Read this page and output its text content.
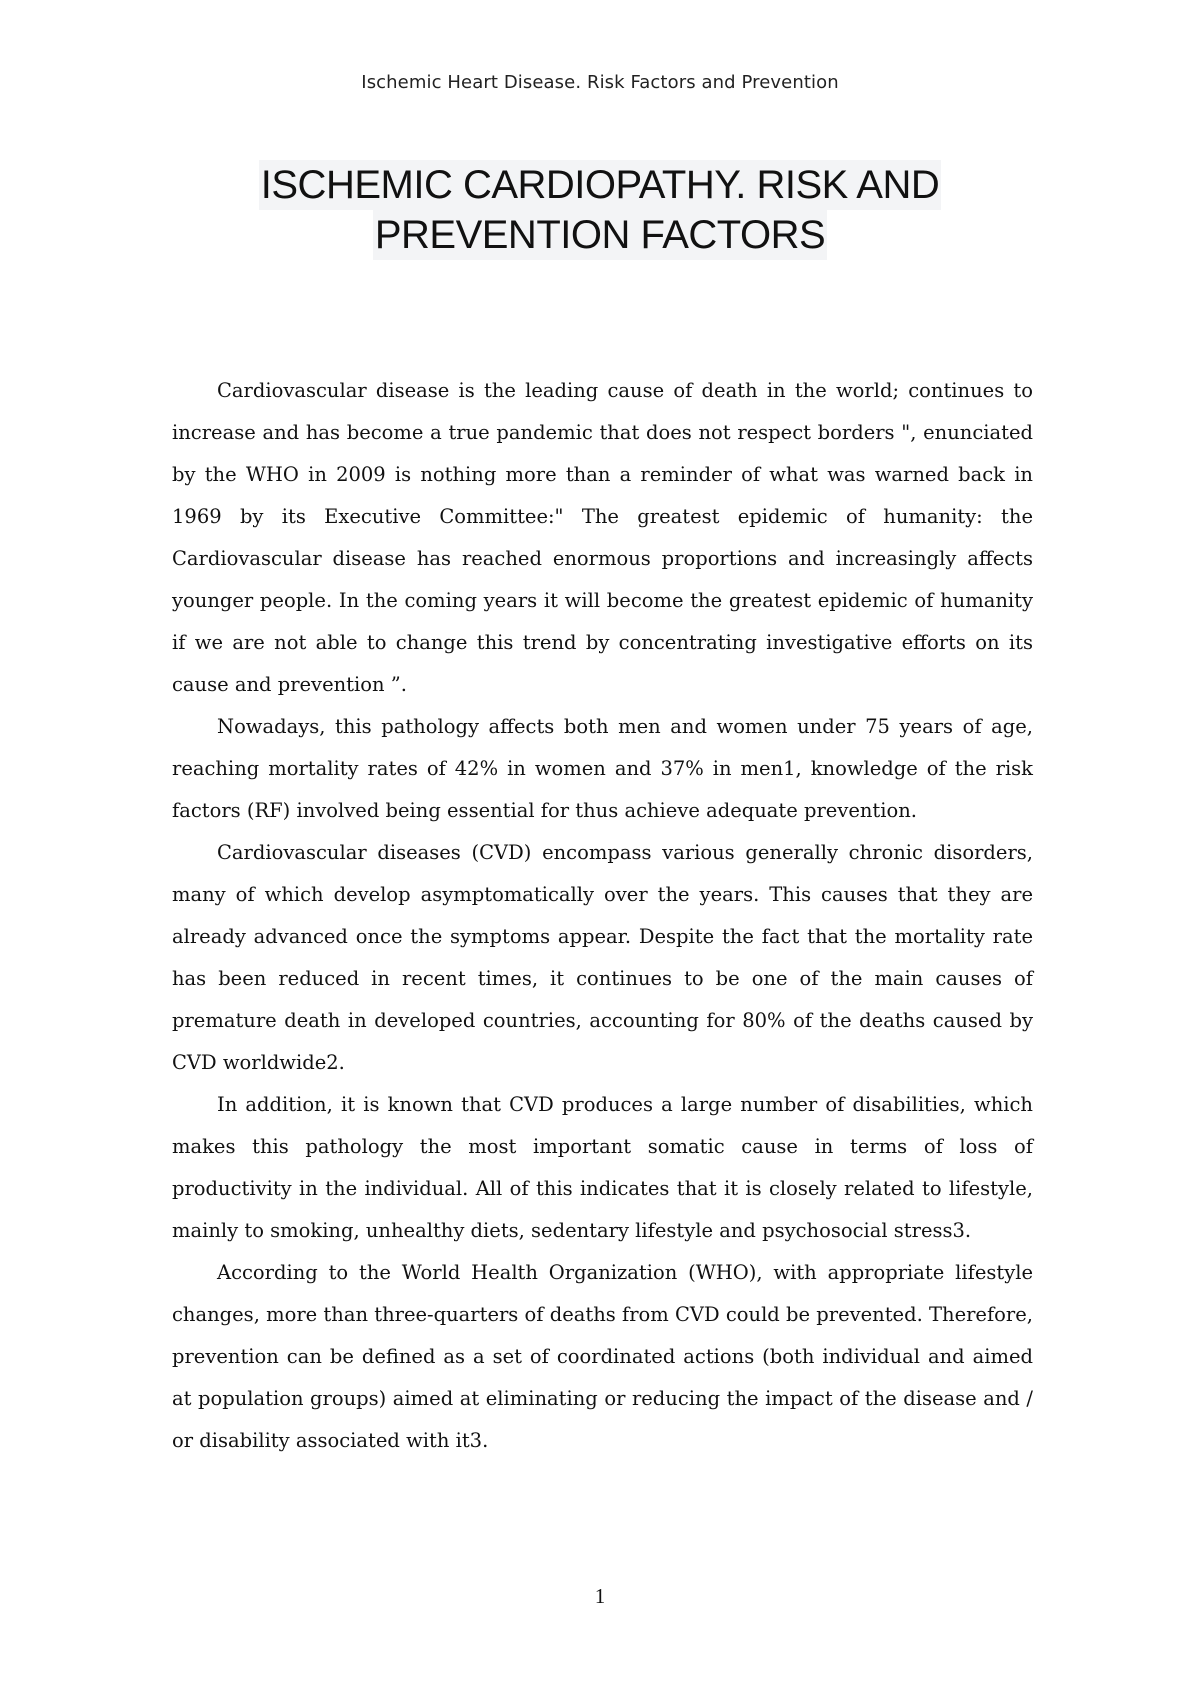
Ischemic Heart Disease. Risk Factors and Prevention
ISCHEMIC CARDIOPATHY. RISK AND
PREVENTION FACTORS

Cardiovascular disease is the leading cause of death in the world; continues to increase and has become a true pandemic that does not respect borders ", enunciated by the WHO in 2009 is nothing more than a reminder of what was warned back in 1969 by its Executive Committee:" The greatest epidemic of humanity: the Cardiovascular disease has reached enormous proportions and increasingly affects younger people. In the coming years it will become the greatest epidemic of humanity if we are not able to change this trend by concentrating investigative efforts on its cause and prevention ”.

Nowadays, this pathology affects both men and women under 75 years of age, reaching mortality rates of 42% in women and 37% in men1, knowledge of the risk factors (RF) involved being essential for thus achieve adequate prevention.

Cardiovascular diseases (CVD) encompass various generally chronic disorders, many of which develop asymptomatically over the years. This causes that they are already advanced once the symptoms appear. Despite the fact that the mortality rate has been reduced in recent times, it continues to be one of the main causes of premature death in developed countries, accounting for 80% of the deaths caused by CVD worldwide2.

In addition, it is known that CVD produces a large number of disabilities, which makes this pathology the most important somatic cause in terms of loss of productivity in the individual. All of this indicates that it is closely related to lifestyle, mainly to smoking, unhealthy diets, sedentary lifestyle and psychosocial stress3.

According to the World Health Organization (WHO), with appropriate lifestyle changes, more than three-quarters of deaths from CVD could be prevented. Therefore, prevention can be defined as a set of coordinated actions (both individual and aimed at population groups) aimed at eliminating or reducing the impact of the disease and / or disability associated with it3.

1
